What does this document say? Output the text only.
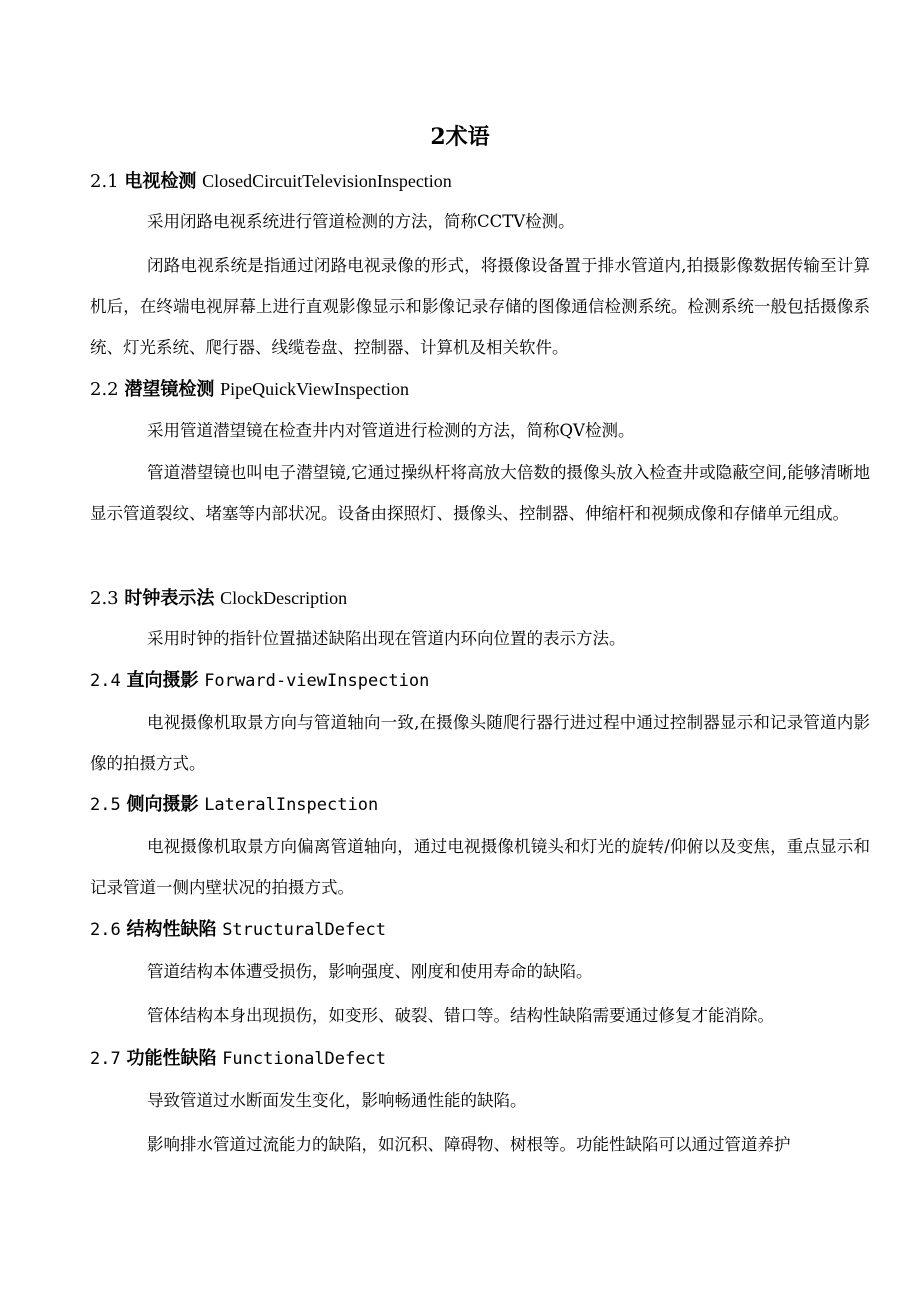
2术语
2.1 电视检测 ClosedCircuitTelevisionInspection
采用闭路电视系统进行管道检测的方法，简称CCTV检测。
闭路电视系统是指通过闭路电视录像的形式，将摄像设备置于排水管道内,拍摄影像数据传输至计算机后，在终端电视屏幕上进行直观影像显示和影像记录存储的图像通信检测系统。检测系统一般包括摄像系统、灯光系统、爬行器、线缆卷盘、控制器、计算机及相关软件。
2.2 潜望镜检测 PipeQuickViewInspection
采用管道潜望镜在检查井内对管道进行检测的方法，简称QV检测。
管道潜望镜也叫电子潜望镜,它通过操纵杆将高放大倍数的摄像头放入检查井或隐蔽空间,能够清晰地显示管道裂纹、堵塞等内部状况。设备由探照灯、摄像头、控制器、伸缩杆和视频成像和存储单元组成。
2.3 时钟表示法 ClockDescription
采用时钟的指针位置描述缺陷出现在管道内环向位置的表示方法。
2.4 直向摄影 Forward-viewInspection
电视摄像机取景方向与管道轴向一致,在摄像头随爬行器行进过程中通过控制器显示和记录管道内影像的拍摄方式。
2.5 侧向摄影 LateralInspection
电视摄像机取景方向偏离管道轴向，通过电视摄像机镜头和灯光的旋转/仰俯以及变焦，重点显示和记录管道一侧内壁状况的拍摄方式。
2.6 结构性缺陷 StructuralDefect
管道结构本体遭受损伤，影响强度、刚度和使用寿命的缺陷。
管体结构本身出现损伤，如变形、破裂、错口等。结构性缺陷需要通过修复才能消除。
2.7 功能性缺陷 FunctionalDefect
导致管道过水断面发生变化，影响畅通性能的缺陷。
影响排水管道过流能力的缺陷，如沉积、障碍物、树根等。功能性缺陷可以通过管道养护
